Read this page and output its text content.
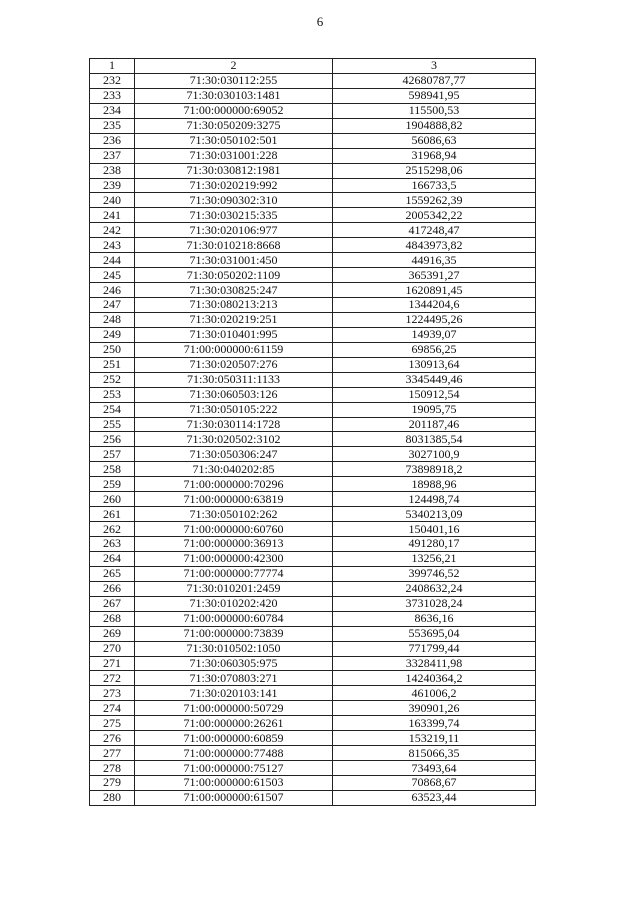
6
1	2	3
232	71:30:030112:255	42680787,77
233	71:30:030103:1481	598941,95
234	71:00:000000:69052	115500,53
235	71:30:050209:3275	1904888,82
236	71:30:050102:501	56086,63
237	71:30:031001:228	31968,94
238	71:30:030812:1981	2515298,06
239	71:30:020219:992	166733,5
240	71:30:090302:310	1559262,39
241	71:30:030215:335	2005342,22
242	71:30:020106:977	417248,47
243	71:30:010218:8668	4843973,82
244	71:30:031001:450	44916,35
245	71:30:050202:1109	365391,27
246	71:30:030825:247	1620891,45
247	71:30:080213:213	1344204,6
248	71:30:020219:251	1224495,26
249	71:30:010401:995	14939,07
250	71:00:000000:61159	69856,25
251	71:30:020507:276	130913,64
252	71:30:050311:1133	3345449,46
253	71:30:060503:126	150912,54
254	71:30:050105:222	19095,75
255	71:30:030114:1728	201187,46
256	71:30:020502:3102	8031385,54
257	71:30:050306:247	3027100,9
258	71:30:040202:85	73898918,2
259	71:00:000000:70296	18988,96
260	71:00:000000:63819	124498,74
261	71:30:050102:262	5340213,09
262	71:00:000000:60760	150401,16
263	71:00:000000:36913	491280,17
264	71:00:000000:42300	13256,21
265	71:00:000000:77774	399746,52
266	71:30:010201:2459	2408632,24
267	71:30:010202:420	3731028,24
268	71:00:000000:60784	8636,16
269	71:00:000000:73839	553695,04
270	71:30:010502:1050	771799,44
271	71:30:060305:975	3328411,98
272	71:30:070803:271	14240364,2
273	71:30:020103:141	461006,2
274	71:00:000000:50729	390901,26
275	71:00:000000:26261	163399,74
276	71:00:000000:60859	153219,11
277	71:00:000000:77488	815066,35
278	71:00:000000:75127	73493,64
279	71:00:000000:61503	70868,67
280	71:00:000000:61507	63523,44
